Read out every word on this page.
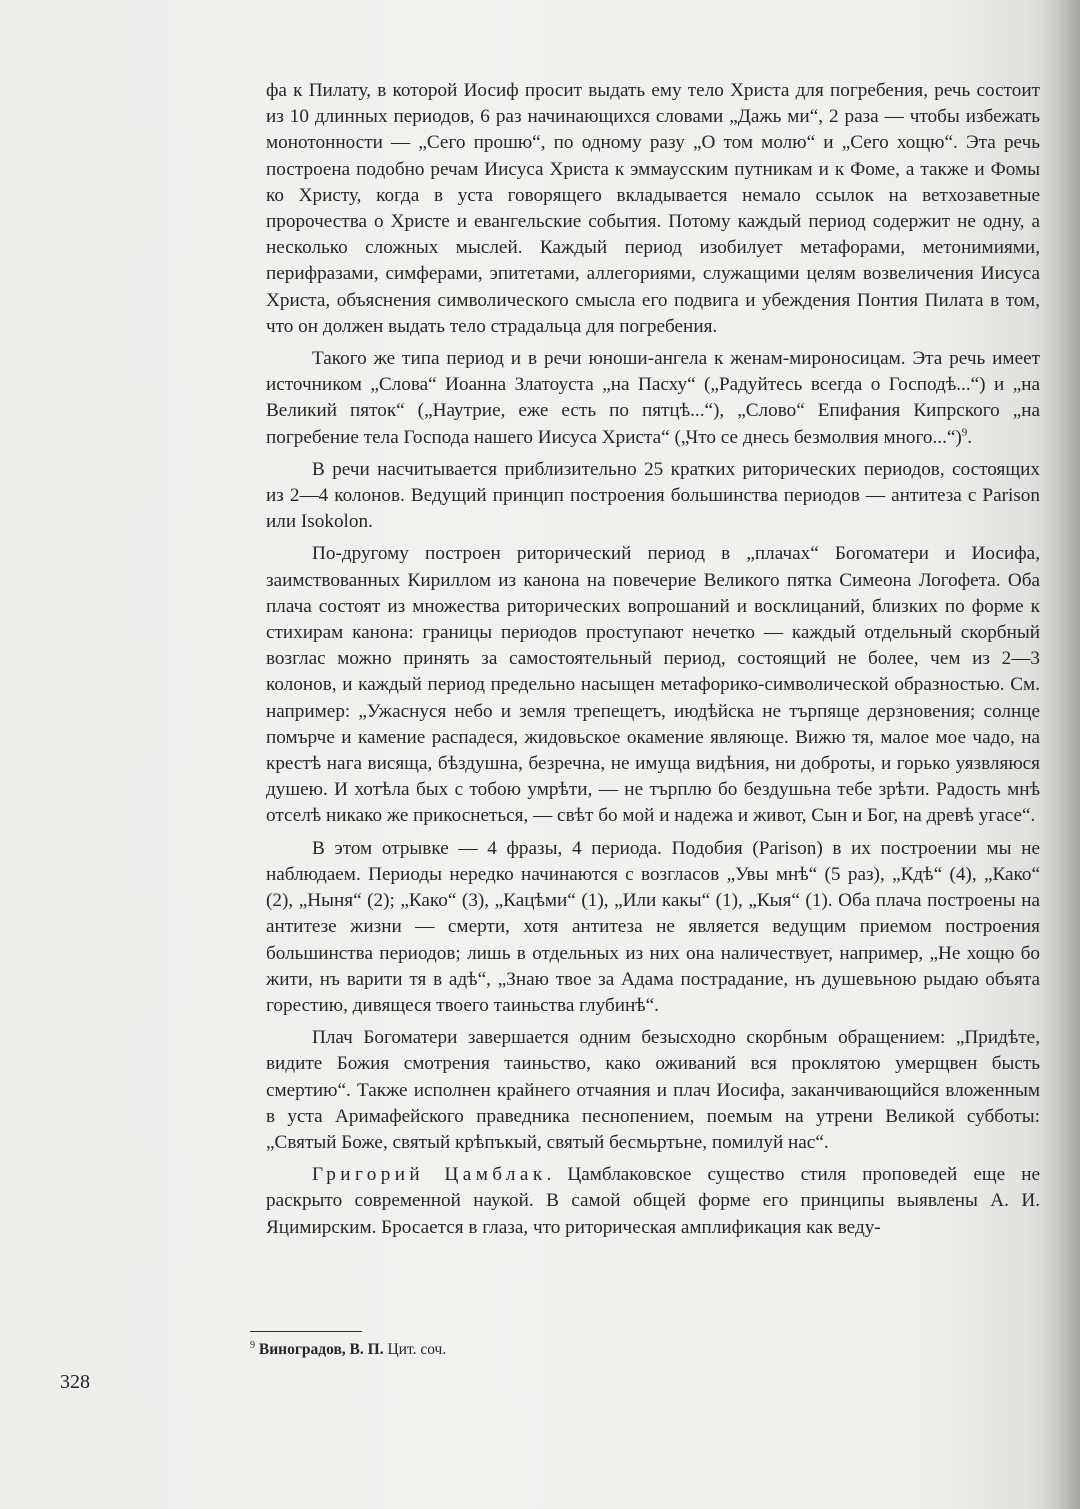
фа к Пилату, в которой Иосиф просит выдать ему тело Христа для погребения, речь состоит из 10 длинных периодов, 6 раз начинающихся словами „Дажь ми“, 2 раза — чтобы избежать монотонности — „Сего прошю“, по одному разу „О том молю“ и „Сего хощю“. Эта речь построена подобно речам Иисуса Христа к эммаусским путникам и к Фоме, а также и Фомы ко Христу, когда в уста говорящего вкладывается немало ссылок на ветхозаветные пророчества о Христе и евангельские события. Потому каждый период содержит не одну, а несколько сложных мыслей. Каждый период изобилует метафорами, метонимиями, перифразами, симферами, эпитетами, аллегориями, служащими целям возвеличения Иисуса Христа, объяснения символического смысла его подвига и убеждения Понтия Пилата в том, что он должен выдать тело страдальца для погребения.

Такого же типа период и в речи юноши-ангела к женам-мироносицам. Эта речь имеет источником „Слова“ Иоанна Златоуста „на Пасху“ („Радуйтесь всегда о Господѣ...“) и „на Великий пяток“ („Наутрие, еже есть по пятцѣ...“), „Слово“ Епифания Кипрского „на погребение тела Господа нашего Иисуса Христа“ („Что се днесь безмолвия много...“)$^9$.

В речи насчитывается приблизительно 25 кратких риторических периодов, состоящих из 2—4 колонов. Ведущий принцип построения большинства периодов — антитеза с Parison или Isokolon.

По-другому построен риторический период в „плачах“ Богоматери и Иосифа, заимствованных Кириллом из канона на повечерие Великого пятка Симеона Логофета. Оба плача состоят из множества риторических вопрошаний и восклицаний, близких по форме к стихирам канона: границы периодов проступают нечетко — каждый отдельный скорбный возглас можно принять за самостоятельный период, состоящий не более, чем из 2—3 колонов, и каждый период предельно насыщен метафорико-символической образностью. См. например: „Ужаснуся небо и земля трепещетъ, июдѣйска не търпяще дерзновения; солнце помърче и камение распадеся, жидовьское окамение являюще. Вижю тя, малое мое чадо, на крестѣ нага висяща, бѣздушна, безречна, не имуща видѣния, ни доброты, и горько уязвляюся душею. И хотѣла бых с тобою умрѣти, — не търплю бо бездушьна тебе зрѣти. Радость мнѣ отселѣ никако же прикоснеться, — свѣт бо мой и надежа и живот, Сын и Бог, на древѣ угасе“.

В этом отрывке — 4 фразы, 4 периода. Подобия (Parison) в их построении мы не наблюдаем. Периоды нередко начинаются с возгласов „Увы мнѣ“ (5 раз), „Кдѣ“ (4), „Како“ (2), „Ныня“ (2); „Како“ (3), „Кацѣми“ (1), „Или какы“ (1), „Кыя“ (1). Оба плача построены на антитезе жизни — смерти, хотя антитеза не является ведущим приемом построения большинства периодов; лишь в отдельных из них она наличествует, например, „Не хощю бо жити, нъ варити тя в адѣ“, „Знаю твое за Адама пострадание, нъ душевьною рыдаю объята горестию, дивящеся твоего таиньства глубинѣ“.

Плач Богоматери завершается одним безысходно скорбным обращением: „Придѣте, видите Божия смотрения таиньство, како оживаний вся проклятою умерщвен бысть смертию“. Также исполнен крайнего отчаяния и плач Иосифа, заканчивающийся вложенным в уста Аримафейского праведника песнопением, поемым на утрени Великой субботы: „Святый Боже, святый крѣпъкый, святый бесмьртьне, помилуй нас“.

Григорий Цамблак. Цамблаковское существо стиля проповедей еще не раскрыто современной наукой. В самой общей форме его принципы выявлены А. И. Яцимирским. Бросается в глаза, что риторическая амплификация как веду-

$^9$ Виноградов, В. П. Цит. соч.
328
